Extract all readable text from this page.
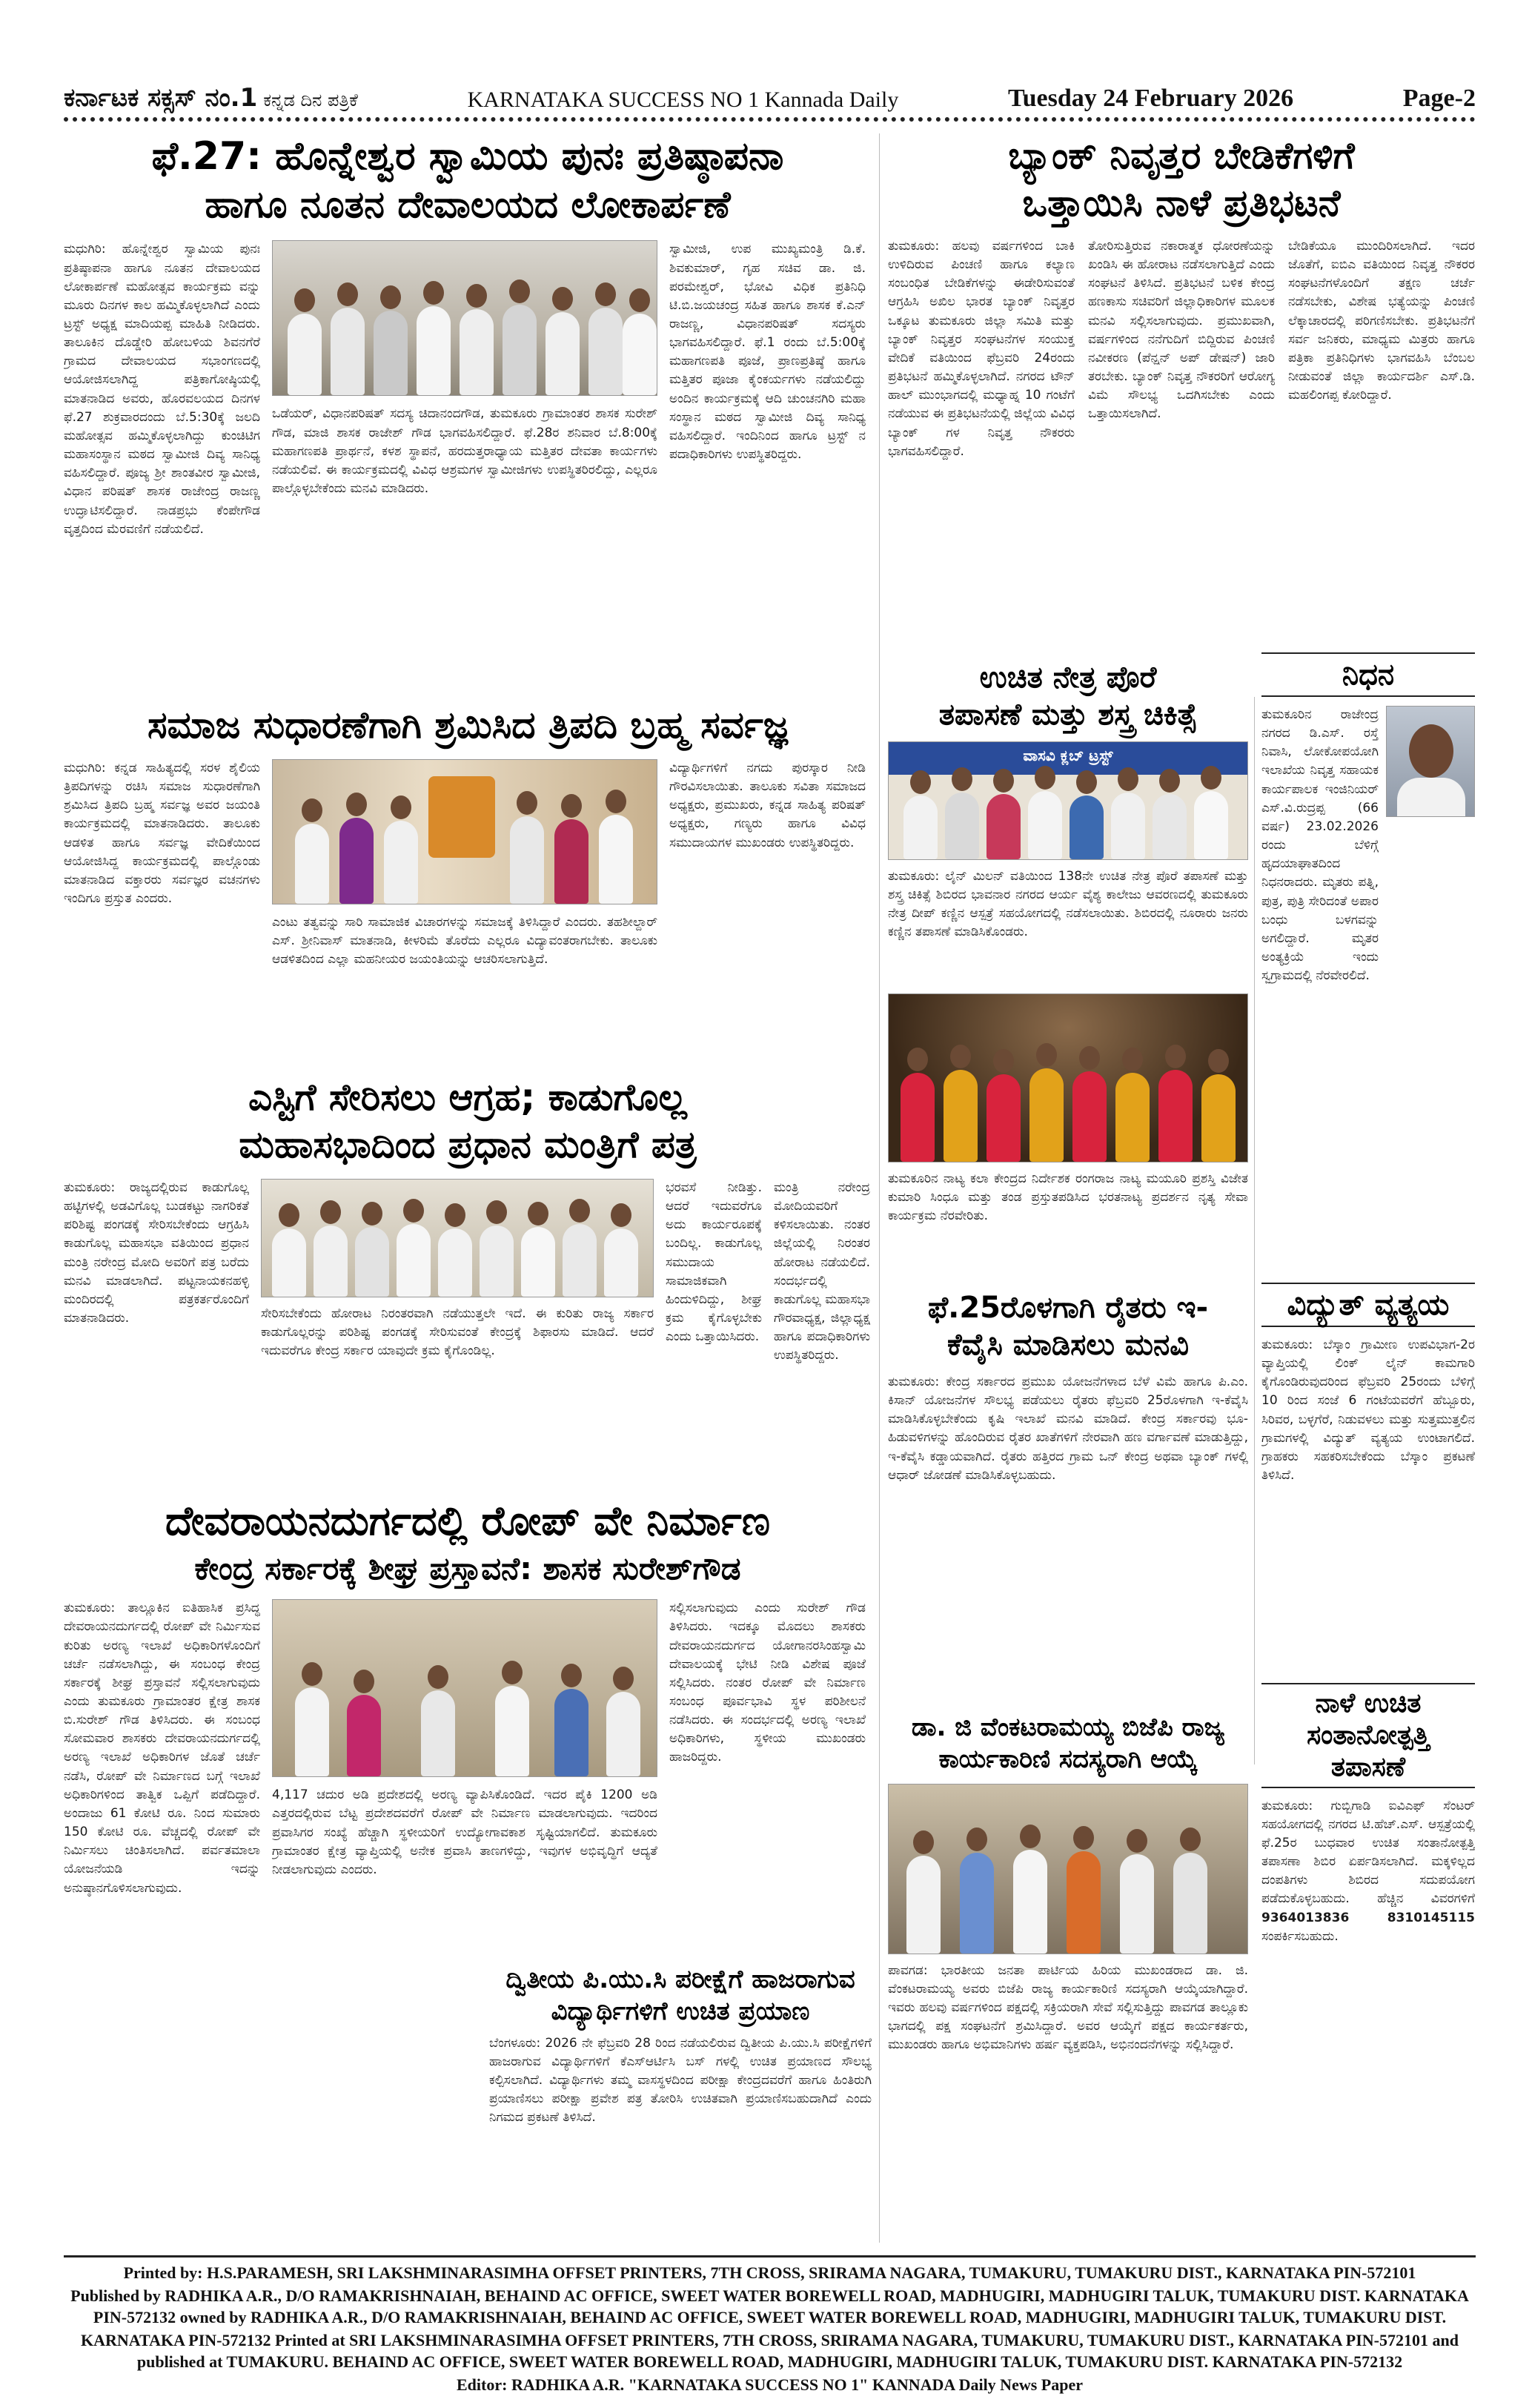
ಕರ್ನಾಟಕ ಸಕ್ಸಸ್ ನಂ.1 ಕನ್ನಡ ದಿನ ಪತ್ರಿಕೆ	KARNATAKA SUCCESS NO 1 Kannada Daily	Tuesday 24 February 2026	Page-2
ಫೆ.27: ಹೊನ್ನೇಶ್ವರ ಸ್ವಾಮಿಯ ಪುನಃ ಪ್ರತಿಷ್ಠಾಪನಾ
ಹಾಗೂ ನೂತನ ದೇವಾಲಯದ ಲೋಕಾರ್ಪಣೆ
ಮಧುಗಿರಿ: ಹೊನ್ನೇಶ್ವರ ಸ್ವಾಮಿಯ ಪುನಃ ಪ್ರತಿಷ್ಠಾಪನಾ ಹಾಗೂ ನೂತನ ದೇವಾಲಯದ ಲೋಕಾರ್ಪಣೆ ಮಹೋತ್ಸವ ಕಾರ್ಯಕ್ರಮ ವನ್ನು ಮೂರು ದಿನಗಳ ಕಾಲ ಹಮ್ಮಿಕೊಳ್ಳಲಾಗಿದೆ ಎಂದು ಟ್ರಸ್ಟ್ ಅಧ್ಯಕ್ಷ ಮಾದಿಯಪ್ಪ ಮಾಹಿತಿ ನೀಡಿದರು. ತಾಲೂಕಿನ ದೊಡ್ಡೇರಿ ಹೋಬಳಿಯ ಶಿವನಗೆರೆ ಗ್ರಾಮದ ದೇವಾಲಯದ ಸಭಾಂಗಣದಲ್ಲಿ ಆಯೋಜಿಸಲಾಗಿದ್ದ ಪತ್ರಿಕಾಗೋಷ್ಠಿಯಲ್ಲಿ ಮಾತನಾಡಿದ ಅವರು, ಹೊರವಲಯದ ದಿನಗಳ ಫೆ.27 ಶುಕ್ರವಾರದಂದು ಬೆ.5:30ಕ್ಕೆ ಜಲದಿ ಮಹೋತ್ಸವ ಹಮ್ಮಿಕೊಳ್ಳಲಾಗಿದ್ದು ಕುಂಚಿಟಿಗ ಮಹಾಸಂಸ್ಥಾನ ಮಠದ ಸ್ವಾಮೀಜಿ ದಿವ್ಯ ಸಾನಿಧ್ಯ ವಹಿಸಲಿದ್ದಾರೆ. ಪೂಜ್ಯ ಶ್ರೀ ಶಾಂತವೀರ ಸ್ವಾಮೀಜಿ, ವಿಧಾನ ಪರಿಷತ್ ಶಾಸಕ ರಾಜೇಂದ್ರ ರಾಜಣ್ಣ ಉದ್ಘಾಟಿಸಲಿದ್ದಾರೆ. ನಾಡಪ್ರಭು ಕೆಂಪೇಗೌಡ ವೃತ್ತದಿಂದ ಮೆರವಣಿಗೆ ನಡೆಯಲಿದೆ.
ಒಡೆಯರ್, ವಿಧಾನಪರಿಷತ್ ಸದಸ್ಯ ಚಿದಾನಂದಗೌಡ, ತುಮಕೂರು ಗ್ರಾಮಾಂತರ ಶಾಸಕ ಸುರೇಶ್ ಗೌಡ, ಮಾಜಿ ಶಾಸಕ ರಾಜೇಶ್ ಗೌಡ ಭಾಗವಹಿಸಲಿದ್ದಾರೆ. ಫೆ.28ರ ಶನಿವಾರ ಬೆ.8:00ಕ್ಕೆ ಮಹಾಗಣಪತಿ ಪ್ರಾರ್ಥನೆ, ಕಳಶ ಸ್ಥಾಪನೆ, ಹರದುತ್ತರಾಧ್ಯಾಯ ಮತ್ತಿತರ ದೇವತಾ ಕಾರ್ಯಗಳು ನಡೆಯಲಿವೆ. ಈ ಕಾರ್ಯಕ್ರಮದಲ್ಲಿ ವಿವಿಧ ಆಶ್ರಮಗಳ ಸ್ವಾಮೀಜಿಗಳು ಉಪಸ್ಥಿತರಿರಲಿದ್ದು, ಎಲ್ಲರೂ ಪಾಲ್ಗೊಳ್ಳಬೇಕೆಂದು ಮನವಿ ಮಾಡಿದರು.
ಸ್ವಾಮೀಜಿ, ಉಪ ಮುಖ್ಯಮಂತ್ರಿ ಡಿ.ಕೆ. ಶಿವಕುಮಾರ್, ಗೃಹ ಸಚಿವ ಡಾ. ಜಿ. ಪರಮೇಶ್ವರ್, ಭೋವಿ ವಿಧಿಕ ಪ್ರತಿನಿಧಿ ಟಿ.ಬಿ.ಜಯಚಂದ್ರ ಸಹಿತ ಹಾಗೂ ಶಾಸಕ ಕೆ.ಎನ್ ರಾಜಣ್ಣ, ವಿಧಾನಪರಿಷತ್ ಸದಸ್ಯರು ಭಾಗವಹಿಸಲಿದ್ದಾರೆ. ಫೆ.1 ರಂದು ಬೆ.5:00ಕ್ಕೆ ಮಹಾಗಣಪತಿ ಪೂಜೆ, ಪ್ರಾಣಪ್ರತಿಷ್ಠೆ ಹಾಗೂ ಮತ್ತಿತರ ಪೂಜಾ ಕೈಂಕರ್ಯಗಳು ನಡೆಯಲಿದ್ದು ಅಂದಿನ ಕಾರ್ಯಕ್ರಮಕ್ಕೆ ಆದಿ ಚುಂಚನಗಿರಿ ಮಹಾ ಸಂಸ್ಥಾನ ಮಠದ ಸ್ವಾಮೀಜಿ ದಿವ್ಯ ಸಾನಿಧ್ಯ ವಹಿಸಲಿದ್ದಾರೆ. ಇಂದಿನಿಂದ ಹಾಗೂ ಟ್ರಸ್ಟ್ ನ ಪದಾಧಿಕಾರಿಗಳು ಉಪಸ್ಥಿತರಿದ್ದರು.
ಬ್ಯಾಂಕ್ ನಿವೃತ್ತರ ಬೇಡಿಕೆಗಳಿಗೆ
ಒತ್ತಾಯಿಸಿ ನಾಳೆ ಪ್ರತಿಭಟನೆ
ತುಮಕೂರು: ಹಲವು ವರ್ಷಗಳಿಂದ ಬಾಕಿ ಉಳಿದಿರುವ ಪಿಂಚಣಿ ಹಾಗೂ ಕಲ್ಯಾಣ ಸಂಬಂಧಿತ ಬೇಡಿಕೆಗಳನ್ನು ಈಡೇರಿಸುವಂತೆ ಆಗ್ರಹಿಸಿ ಅಖಿಲ ಭಾರತ ಬ್ಯಾಂಕ್ ನಿವೃತ್ತರ ಒಕ್ಕೂಟ ತುಮಕೂರು ಜಿಲ್ಲಾ ಸಮಿತಿ ಮತ್ತು ಬ್ಯಾಂಕ್ ನಿವೃತ್ತರ ಸಂಘಟನೆಗಳ ಸಂಯುಕ್ತ ವೇದಿಕೆ ವತಿಯಿಂದ ಫೆಬ್ರವರಿ 24ರಂದು ಪ್ರತಿಭಟನೆ ಹಮ್ಮಿಕೊಳ್ಳಲಾಗಿದೆ. ನಗರದ ಟೌನ್ ಹಾಲ್ ಮುಂಭಾಗದಲ್ಲಿ ಮಧ್ಯಾಹ್ನ 10 ಗಂಟೆಗೆ ನಡೆಯುವ ಈ ಪ್ರತಿಭಟನೆಯಲ್ಲಿ ಜಿಲ್ಲೆಯ ವಿವಿಧ ಬ್ಯಾಂಕ್ ಗಳ ನಿವೃತ್ತ ನೌಕರರು ಭಾಗವಹಿಸಲಿದ್ದಾರೆ.
ತೋರಿಸುತ್ತಿರುವ ನಕಾರಾತ್ಮಕ ಧೋರಣೆಯನ್ನು ಖಂಡಿಸಿ ಈ ಹೋರಾಟ ನಡೆಸಲಾಗುತ್ತಿದೆ ಎಂದು ಸಂಘಟನೆ ತಿಳಿಸಿದೆ. ಪ್ರತಿಭಟನೆ ಬಳಿಕ ಕೇಂದ್ರ ಹಣಕಾಸು ಸಚಿವರಿಗೆ ಜಿಲ್ಲಾಧಿಕಾರಿಗಳ ಮೂಲಕ ಮನವಿ ಸಲ್ಲಿಸಲಾಗುವುದು. ಪ್ರಮುಖವಾಗಿ, ವರ್ಷಗಳಿಂದ ನನೆಗುದಿಗೆ ಬಿದ್ದಿರುವ ಪಿಂಚಣಿ ನವೀಕರಣ (ಪೆನ್ಷನ್ ಅಪ್ ಡೇಷನ್) ಜಾರಿ ತರಬೇಕು. ಬ್ಯಾಂಕ್ ನಿವೃತ್ತ ನೌಕರರಿಗೆ ಆರೋಗ್ಯ ವಿಮೆ ಸೌಲಭ್ಯ ಒದಗಿಸಬೇಕು ಎಂದು ಒತ್ತಾಯಿಸಲಾಗಿದೆ.
ಬೇಡಿಕೆಯೂ ಮುಂದಿರಿಸಲಾಗಿದೆ. ಇದರ ಜೊತೆಗೆ, ಐಬಿಎ ವತಿಯಿಂದ ನಿವೃತ್ತ ನೌಕರರ ಸಂಘಟನೆಗಳೊಂದಿಗೆ ತಕ್ಷಣ ಚರ್ಚೆ ನಡೆಸಬೇಕು, ವಿಶೇಷ ಭತ್ಯೆಯನ್ನು ಪಿಂಚಣಿ ಲೆಕ್ಕಾಚಾರದಲ್ಲಿ ಪರಿಗಣಿಸಬೇಕು. ಪ್ರತಿಭಟನೆಗೆ ಸರ್ವ ಜನಿಕರು, ಮಾಧ್ಯಮ ಮಿತ್ರರು ಹಾಗೂ ಪತ್ರಿಕಾ ಪ್ರತಿನಿಧಿಗಳು ಭಾಗವಹಿಸಿ ಬೆಂಬಲ ನೀಡುವಂತೆ ಜಿಲ್ಲಾ ಕಾರ್ಯದರ್ಶಿ ಎಸ್.ಡಿ. ಮಹಲಿಂಗಪ್ಪ ಕೋರಿದ್ದಾರೆ.
ಸಮಾಜ ಸುಧಾರಣೆಗಾಗಿ ಶ್ರಮಿಸಿದ ತ್ರಿಪದಿ ಬ್ರಹ್ಮ ಸರ್ವಜ್ಞ
ಮಧುಗಿರಿ: ಕನ್ನಡ ಸಾಹಿತ್ಯದಲ್ಲಿ ಸರಳ ಶೈಲಿಯ ತ್ರಿಪದಿಗಳನ್ನು ರಚಿಸಿ ಸಮಾಜ ಸುಧಾರಣೆಗಾಗಿ ಶ್ರಮಿಸಿದ ತ್ರಿಪದಿ ಬ್ರಹ್ಮ ಸರ್ವಜ್ಞ ಅವರ ಜಯಂತಿ ಕಾರ್ಯಕ್ರಮದಲ್ಲಿ ಮಾತನಾಡಿದರು. ತಾಲೂಕು ಆಡಳಿತ ಹಾಗೂ ಸರ್ವಜ್ಞ ವೇದಿಕೆಯಿಂದ ಆಯೋಜಿಸಿದ್ದ ಕಾರ್ಯಕ್ರಮದಲ್ಲಿ ಪಾಲ್ಗೊಂಡು ಮಾತನಾಡಿದ ವಕ್ತಾರರು ಸರ್ವಜ್ಞರ ವಚನಗಳು ಇಂದಿಗೂ ಪ್ರಸ್ತುತ ಎಂದರು.
ಎಂಟು ತತ್ವವನ್ನು ಸಾರಿ ಸಾಮಾಜಿಕ ವಿಚಾರಗಳನ್ನು ಸಮಾಜಕ್ಕೆ ತಿಳಿಸಿದ್ದಾರೆ ಎಂದರು. ತಹಶೀಲ್ದಾರ್ ಎಸ್. ಶ್ರೀನಿವಾಸ್ ಮಾತನಾಡಿ, ಕೀಳರಿಮೆ ತೊರೆದು ಎಲ್ಲರೂ ವಿದ್ಯಾವಂತರಾಗಬೇಕು. ತಾಲೂಕು ಆಡಳಿತದಿಂದ ಎಲ್ಲಾ ಮಹನೀಯರ ಜಯಂತಿಯನ್ನು ಆಚರಿಸಲಾಗುತ್ತಿದೆ.
ವಿದ್ಯಾರ್ಥಿಗಳಿಗೆ ನಗದು ಪುರಸ್ಕಾರ ನೀಡಿ ಗೌರವಿಸಲಾಯಿತು. ತಾಲೂಕು ಸವಿತಾ ಸಮಾಜದ ಅಧ್ಯಕ್ಷರು, ಪ್ರಮುಖರು, ಕನ್ನಡ ಸಾಹಿತ್ಯ ಪರಿಷತ್ ಅಧ್ಯಕ್ಷರು, ಗಣ್ಯರು ಹಾಗೂ ವಿವಿಧ ಸಮುದಾಯಗಳ ಮುಖಂಡರು ಉಪಸ್ಥಿತರಿದ್ದರು.
ಉಚಿತ ನೇತ್ರ ಪೊರೆ
ತಪಾಸಣೆ ಮತ್ತು ಶಸ್ತ್ರ ಚಿಕಿತ್ಸೆ
ವಾಸವಿ ಕ್ಲಬ್ ಟ್ರಸ್ಟ್
ತುಮಕೂರು: ಲೈನ್ ಮಿಲನ್ ವತಿಯಿಂದ 138ನೇ ಉಚಿತ ನೇತ್ರ ಪೊರೆ ತಪಾಸಣೆ ಮತ್ತು ಶಸ್ತ್ರ ಚಿಕಿತ್ಸೆ ಶಿಬಿರದ ಭಾವನಾರ ನಗರದ ಆರ್ಯ ವೈಶ್ಯ ಕಾಲೇಜು ಆವರಣದಲ್ಲಿ ತುಮಕೂರು ನೇತ್ರ ದೀಪ್ ಕಣ್ಣಿನ ಆಸ್ಪತ್ರೆ ಸಹಯೋಗದಲ್ಲಿ ನಡೆಸಲಾಯಿತು. ಶಿಬಿರದಲ್ಲಿ ನೂರಾರು ಜನರು ಕಣ್ಣಿನ ತಪಾಸಣೆ ಮಾಡಿಸಿಕೊಂಡರು.
ತುಮಕೂರಿನ ನಾಟ್ಯ ಕಲಾ ಕೇಂದ್ರದ ನಿರ್ದೇಶಕ ರಂಗರಾಜ ನಾಟ್ಯ ಮಯೂರಿ ಪ್ರಶಸ್ತಿ ವಿಜೇತ ಕುಮಾರಿ ಸಿಂಧೂ ಮತ್ತು ತಂಡ ಪ್ರಸ್ತುತಪಡಿಸಿದ ಭರತನಾಟ್ಯ ಪ್ರದರ್ಶನ ನೃತ್ಯ ಸೇವಾ ಕಾರ್ಯಕ್ರಮ ನೆರವೇರಿತು.
ನಿಧನ
ತುಮಕೂರಿನ ರಾಜೇಂದ್ರ ನಗರದ ಡಿ.ಎಸ್. ರಸ್ತೆ ನಿವಾಸಿ, ಲೋಕೋಪಯೋಗಿ ಇಲಾಖೆಯ ನಿವೃತ್ತ ಸಹಾಯಕ ಕಾರ್ಯಪಾಲಕ ಇಂಜಿನಿಯರ್ ಎಸ್.ವಿ.ರುದ್ರಪ್ಪ (66 ವರ್ಷ) 23.02.2026 ರಂದು ಬೆಳಿಗ್ಗೆ ಹೃದಯಾಘಾತದಿಂದ ನಿಧನರಾದರು. ಮೃತರು ಪತ್ನಿ, ಪುತ್ರ, ಪುತ್ರಿ ಸೇರಿದಂತೆ ಅಪಾರ ಬಂಧು ಬಳಗವನ್ನು ಅಗಲಿದ್ದಾರೆ. ಮೃತರ ಅಂತ್ಯಕ್ರಿಯೆ ಇಂದು ಸ್ವಗ್ರಾಮದಲ್ಲಿ ನೆರವೇರಲಿದೆ.
ಎಸ್ಟಿಗೆ ಸೇರಿಸಲು ಆಗ್ರಹ; ಕಾಡುಗೊಲ್ಲ
ಮಹಾಸಭಾದಿಂದ ಪ್ರಧಾನ ಮಂತ್ರಿಗೆ ಪತ್ರ
ತುಮಕೂರು: ರಾಜ್ಯದಲ್ಲಿರುವ ಕಾಡುಗೊಲ್ಲ ಹಟ್ಟಿಗಳಲ್ಲಿ ಅಡವಿಗೊಲ್ಲ ಬುಡಕಟ್ಟು ನಾಗರಿಕತೆ ಪರಿಶಿಷ್ಟ ಪಂಗಡಕ್ಕೆ ಸೇರಿಸಬೇಕೆಂದು ಆಗ್ರಹಿಸಿ ಕಾಡುಗೊಲ್ಲ ಮಹಾಸಭಾ ವತಿಯಿಂದ ಪ್ರಧಾನ ಮಂತ್ರಿ ನರೇಂದ್ರ ಮೋದಿ ಅವರಿಗೆ ಪತ್ರ ಬರೆದು ಮನವಿ ಮಾಡಲಾಗಿದೆ. ಪಟ್ಟನಾಯಕನಹಳ್ಳಿ ಮಂದಿರದಲ್ಲಿ ಪತ್ರಕರ್ತರೊಂದಿಗೆ ಮಾತನಾಡಿದರು.	ಸೇರಿಸಬೇಕೆಂದು ಹೋರಾಟ ನಿರಂತರವಾಗಿ ನಡೆಯುತ್ತಲೇ ಇದೆ. ಈ ಕುರಿತು ರಾಜ್ಯ ಸರ್ಕಾರ ಕಾಡುಗೊಲ್ಲರನ್ನು ಪರಿಶಿಷ್ಟ ಪಂಗಡಕ್ಕೆ ಸೇರಿಸುವಂತೆ ಕೇಂದ್ರಕ್ಕೆ ಶಿಫಾರಸು ಮಾಡಿದೆ. ಆದರೆ ಇದುವರೆಗೂ ಕೇಂದ್ರ ಸರ್ಕಾರ ಯಾವುದೇ ಕ್ರಮ ಕೈಗೊಂಡಿಲ್ಲ.
ಭರವಸೆ ನೀಡಿತ್ತು. ಆದರೆ ಇದುವರೆಗೂ ಅದು ಕಾರ್ಯರೂಪಕ್ಕೆ ಬಂದಿಲ್ಲ. ಕಾಡುಗೊಲ್ಲ ಸಮುದಾಯ ಸಾಮಾಜಿಕವಾಗಿ ಹಿಂದುಳಿದಿದ್ದು, ಶೀಘ್ರ ಕ್ರಮ ಕೈಗೊಳ್ಳಬೇಕು ಎಂದು ಒತ್ತಾಯಿಸಿದರು.
ಮಂತ್ರಿ ನರೇಂದ್ರ ಮೋದಿಯವರಿಗೆ ಕಳಿಸಲಾಯಿತು. ನಂತರ ಜಿಲ್ಲೆಯಲ್ಲಿ ನಿರಂತರ ಹೋರಾಟ ನಡೆಯಲಿದೆ. ಸಂದರ್ಭದಲ್ಲಿ ಕಾಡುಗೊಲ್ಲ ಮಹಾಸಭಾ ಗೌರವಾಧ್ಯಕ್ಷ, ಜಿಲ್ಲಾಧ್ಯಕ್ಷ ಹಾಗೂ ಪದಾಧಿಕಾರಿಗಳು ಉಪಸ್ಥಿತರಿದ್ದರು.
ವಿದ್ಯುತ್ ವ್ಯತ್ಯಯ
ತುಮಕೂರು: ಬೆಸ್ಕಾಂ ಗ್ರಾಮೀಣ ಉಪವಿಭಾಗ-2ರ ವ್ಯಾಪ್ತಿಯಲ್ಲಿ ಲಿಂಕ್ ಲೈನ್ ಕಾಮಗಾರಿ ಕೈಗೊಂಡಿರುವುದರಿಂದ ಫೆಬ್ರವರಿ 25ರಂದು ಬೆಳಿಗ್ಗೆ 10 ರಿಂದ ಸಂಜೆ 6 ಗಂಟೆಯವರೆಗೆ ಹೆಬ್ಬೂರು, ಸಿರಿವರ, ಬಳ್ಳಗೆರೆ, ನಿಡುವಳಲು ಮತ್ತು ಸುತ್ತಮುತ್ತಲಿನ ಗ್ರಾಮಗಳಲ್ಲಿ ವಿದ್ಯುತ್ ವ್ಯತ್ಯಯ ಉಂಟಾಗಲಿದೆ. ಗ್ರಾಹಕರು ಸಹಕರಿಸಬೇಕೆಂದು ಬೆಸ್ಕಾಂ ಪ್ರಕಟಣೆ ತಿಳಿಸಿದೆ.
ಫೆ.25ರೊಳಗಾಗಿ ರೈತರು ಇ-
ಕೆವೈಸಿ ಮಾಡಿಸಲು ಮನವಿ
ತುಮಕೂರು: ಕೇಂದ್ರ ಸರ್ಕಾರದ ಪ್ರಮುಖ ಯೋಜನೆಗಳಾದ ಬೆಳೆ ವಿಮೆ ಹಾಗೂ ಪಿ.ಎಂ. ಕಿಸಾನ್ ಯೋಜನೆಗಳ ಸೌಲಭ್ಯ ಪಡೆಯಲು ರೈತರು ಫೆಬ್ರವರಿ 25ರೊಳಗಾಗಿ ಇ-ಕೆವೈಸಿ ಮಾಡಿಸಿಕೊಳ್ಳಬೇಕೆಂದು ಕೃಷಿ ಇಲಾಖೆ ಮನವಿ ಮಾಡಿದೆ. ಕೇಂದ್ರ ಸರ್ಕಾರವು ಭೂ-ಹಿಡುವಳಿಗಳನ್ನು ಹೊಂದಿರುವ ರೈತರ ಖಾತೆಗಳಿಗೆ ನೇರವಾಗಿ ಹಣ ವರ್ಗಾವಣೆ ಮಾಡುತ್ತಿದ್ದು, ಇ-ಕೆವೈಸಿ ಕಡ್ಡಾಯವಾಗಿದೆ. ರೈತರು ಹತ್ತಿರದ ಗ್ರಾಮ ಒನ್ ಕೇಂದ್ರ ಅಥವಾ ಬ್ಯಾಂಕ್ ಗಳಲ್ಲಿ ಆಧಾರ್ ಜೋಡಣೆ ಮಾಡಿಸಿಕೊಳ್ಳಬಹುದು.
ನಾಳೆ ಉಚಿತ
ಸಂತಾನೋತ್ಪತ್ತಿ
ತಪಾಸಣೆ
ತುಮಕೂರು: ಗುಬ್ಬಿಗಾಡಿ ಐವಿಎಫ್ ಸೆಂಟರ್ ಸಹಯೋಗದಲ್ಲಿ ನಗರದ ಟಿ.ಹೆಚ್.ಎಸ್. ಆಸ್ಪತ್ರೆಯಲ್ಲಿ ಫೆ.25ರ ಬುಧವಾರ ಉಚಿತ ಸಂತಾನೋತ್ಪತ್ತಿ ತಪಾಸಣಾ ಶಿಬಿರ ಏರ್ಪಡಿಸಲಾಗಿದೆ. ಮಕ್ಕಳಿಲ್ಲದ ದಂಪತಿಗಳು ಶಿಬಿರದ ಸದುಪಯೋಗ ಪಡೆದುಕೊಳ್ಳಬಹುದು. ಹೆಚ್ಚಿನ ವಿವರಗಳಿಗೆ 9364013836	8310145115 ಸಂಪರ್ಕಿಸಬಹುದು.
ದೇವರಾಯನದುರ್ಗದಲ್ಲಿ ರೋಪ್ ವೇ ನಿರ್ಮಾಣ
ಕೇಂದ್ರ ಸರ್ಕಾರಕ್ಕೆ ಶೀಘ್ರ ಪ್ರಸ್ತಾವನೆ: ಶಾಸಕ ಸುರೇಶ್‌ಗೌಡ
ತುಮಕೂರು: ತಾಲ್ಲೂಕಿನ ಐತಿಹಾಸಿಕ ಪ್ರಸಿದ್ಧ ದೇವರಾಯನದುರ್ಗದಲ್ಲಿ ರೋಪ್ ವೇ ನಿರ್ಮಿಸುವ ಕುರಿತು ಅರಣ್ಯ ಇಲಾಖೆ ಅಧಿಕಾರಿಗಳೊಂದಿಗೆ ಚರ್ಚೆ ನಡೆಸಲಾಗಿದ್ದು, ಈ ಸಂಬಂಧ ಕೇಂದ್ರ ಸರ್ಕಾರಕ್ಕೆ ಶೀಘ್ರ ಪ್ರಸ್ತಾವನೆ ಸಲ್ಲಿಸಲಾಗುವುದು ಎಂದು ತುಮಕೂರು ಗ್ರಾಮಾಂತರ ಕ್ಷೇತ್ರ ಶಾಸಕ ಬಿ.ಸುರೇಶ್ ಗೌಡ ತಿಳಿಸಿದರು. ಈ ಸಂಬಂಧ ಸೋಮವಾರ ಶಾಸಕರು ದೇವರಾಯನದುರ್ಗದಲ್ಲಿ ಅರಣ್ಯ ಇಲಾಖೆ ಅಧಿಕಾರಿಗಳ ಜೊತೆ ಚರ್ಚೆ ನಡೆಸಿ, ರೋಪ್ ವೇ ನಿರ್ಮಾಣದ ಬಗ್ಗೆ ಇಲಾಖೆ ಅಧಿಕಾರಿಗಳಿಂದ ತಾತ್ವಿಕ ಒಪ್ಪಿಗೆ ಪಡೆದಿದ್ದಾರೆ. ಅಂದಾಜು 61 ಕೋಟಿ ರೂ. ನಿಂದ ಸುಮಾರು 150 ಕೋಟಿ ರೂ. ವೆಚ್ಚದಲ್ಲಿ ರೋಪ್ ವೇ ನಿರ್ಮಿಸಲು ಚಿಂತಿಸಲಾಗಿದೆ. ಪರ್ವತಮಾಲಾ ಯೋಜನೆಯಡಿ ಇದನ್ನು ಅನುಷ್ಠಾನಗೊಳಿಸಲಾಗುವುದು.
4,117 ಚದುರ ಅಡಿ ಪ್ರದೇಶದಲ್ಲಿ ಅರಣ್ಯ ವ್ಯಾಪಿಸಿಕೊಂಡಿದೆ. ಇದರ ಪೈಕಿ 1200 ಅಡಿ ಎತ್ತರದಲ್ಲಿರುವ ಬೆಟ್ಟ ಪ್ರದೇಶದವರೆಗೆ ರೋಪ್ ವೇ ನಿರ್ಮಾಣ ಮಾಡಲಾಗುವುದು. ಇದರಿಂದ ಪ್ರವಾಸಿಗರ ಸಂಖ್ಯೆ ಹೆಚ್ಚಾಗಿ ಸ್ಥಳೀಯರಿಗೆ ಉದ್ಯೋಗಾವಕಾಶ ಸೃಷ್ಟಿಯಾಗಲಿದೆ. ತುಮಕೂರು ಗ್ರಾಮಾಂತರ ಕ್ಷೇತ್ರ ವ್ಯಾಪ್ತಿಯಲ್ಲಿ ಅನೇಕ ಪ್ರವಾಸಿ ತಾಣಗಳಿದ್ದು, ಇವುಗಳ ಅಭಿವೃದ್ಧಿಗೆ ಆದ್ಯತೆ ನೀಡಲಾಗುವುದು ಎಂದರು.
ಸಲ್ಲಿಸಲಾಗುವುದು ಎಂದು ಸುರೇಶ್ ಗೌಡ ತಿಳಿಸಿದರು. ಇದಕ್ಕೂ ಮೊದಲು ಶಾಸಕರು ದೇವರಾಯನದುರ್ಗದ ಯೋಗಾನರಸಿಂಹಸ್ವಾಮಿ ದೇವಾಲಯಕ್ಕೆ ಭೇಟಿ ನೀಡಿ ವಿಶೇಷ ಪೂಜೆ ಸಲ್ಲಿಸಿದರು. ನಂತರ ರೋಪ್ ವೇ ನಿರ್ಮಾಣ ಸಂಬಂಧ ಪೂರ್ವಭಾವಿ ಸ್ಥಳ ಪರಿಶೀಲನೆ ನಡೆಸಿದರು. ಈ ಸಂದರ್ಭದಲ್ಲಿ ಅರಣ್ಯ ಇಲಾಖೆ ಅಧಿಕಾರಿಗಳು, ಸ್ಥಳೀಯ ಮುಖಂಡರು ಹಾಜರಿದ್ದರು.
ದ್ವಿತೀಯ ಪಿ.ಯು.ಸಿ ಪರೀಕ್ಷೆಗೆ ಹಾಜರಾಗುವ
ವಿದ್ಯಾರ್ಥಿಗಳಿಗೆ ಉಚಿತ ಪ್ರಯಾಣ
ಬೆಂಗಳೂರು: 2026 ನೇ ಫೆಬ್ರವರಿ 28 ರಿಂದ ನಡೆಯಲಿರುವ ದ್ವಿತೀಯ ಪಿ.ಯು.ಸಿ ಪರೀಕ್ಷೆಗಳಿಗೆ ಹಾಜರಾಗುವ ವಿದ್ಯಾರ್ಥಿಗಳಿಗೆ ಕೆಎಸ್ಆರ್ಟಿಸಿ ಬಸ್ ಗಳಲ್ಲಿ ಉಚಿತ ಪ್ರಯಾಣದ ಸೌಲಭ್ಯ ಕಲ್ಪಿಸಲಾಗಿದೆ. ವಿದ್ಯಾರ್ಥಿಗಳು ತಮ್ಮ ವಾಸಸ್ಥಳದಿಂದ ಪರೀಕ್ಷಾ ಕೇಂದ್ರದವರೆಗೆ ಹಾಗೂ ಹಿಂತಿರುಗಿ ಪ್ರಯಾಣಿಸಲು ಪರೀಕ್ಷಾ ಪ್ರವೇಶ ಪತ್ರ ತೋರಿಸಿ ಉಚಿತವಾಗಿ ಪ್ರಯಾಣಿಸಬಹುದಾಗಿದೆ ಎಂದು ನಿಗಮದ ಪ್ರಕಟಣೆ ತಿಳಿಸಿದೆ.
ಡಾ. ಜಿ ವೆಂಕಟರಾಮಯ್ಯ ಬಿಜೆಪಿ ರಾಜ್ಯ
ಕಾರ್ಯಕಾರಿಣಿ ಸದಸ್ಯರಾಗಿ ಆಯ್ಕೆ
ಪಾವಗಡ: ಭಾರತೀಯ ಜನತಾ ಪಾರ್ಟಿಯ ಹಿರಿಯ ಮುಖಂಡರಾದ ಡಾ. ಜಿ. ವೆಂಕಟರಾಮಯ್ಯ ಅವರು ಬಿಜೆಪಿ ರಾಜ್ಯ ಕಾರ್ಯಕಾರಿಣಿ ಸದಸ್ಯರಾಗಿ ಆಯ್ಕೆಯಾಗಿದ್ದಾರೆ. ಇವರು ಹಲವು ವರ್ಷಗಳಿಂದ ಪಕ್ಷದಲ್ಲಿ ಸಕ್ರಿಯರಾಗಿ ಸೇವೆ ಸಲ್ಲಿಸುತ್ತಿದ್ದು ಪಾವಗಡ ತಾಲ್ಲೂಕು ಭಾಗದಲ್ಲಿ ಪಕ್ಷ ಸಂಘಟನೆಗೆ ಶ್ರಮಿಸಿದ್ದಾರೆ. ಅವರ ಆಯ್ಕೆಗೆ ಪಕ್ಷದ ಕಾರ್ಯಕರ್ತರು, ಮುಖಂಡರು ಹಾಗೂ ಅಭಿಮಾನಿಗಳು ಹರ್ಷ ವ್ಯಕ್ತಪಡಿಸಿ, ಅಭಿನಂದನೆಗಳನ್ನು ಸಲ್ಲಿಸಿದ್ದಾರೆ.

Printed by: H.S.PARAMESH, SRI LAKSHMINARASIMHA OFFSET PRINTERS, 7TH CROSS, SRIRAMA NAGARA, TUMAKURU, TUMAKURU DIST., KARNATAKA PIN-572101

Published by RADHIKA A.R., D/O RAMAKRISHNAIAH, BEHAIND AC OFFICE, SWEET WATER BOREWELL ROAD, MADHUGIRI, MADHUGIRI TALUK, TUMAKURU DIST. KARNATAKA PIN-572132 owned by RADHIKA A.R., D/O RAMAKRISHNAIAH, BEHAIND AC OFFICE, SWEET WATER BOREWELL ROAD, MADHUGIRI, MADHUGIRI TALUK, TUMAKURU DIST.

KARNATAKA PIN-572132 Printed at SRI LAKSHMINARASIMHA OFFSET PRINTERS, 7TH CROSS, SRIRAMA NAGARA, TUMAKURU, TUMAKURU DIST., KARNATAKA PIN-572101 and published at TUMAKURU. BEHAIND AC OFFICE, SWEET WATER BOREWELL ROAD, MADHUGIRI, MADHUGIRI TALUK, TUMAKURU DIST. KARNATAKA PIN-572132

Editor: RADHIKA A.R. "KARNATAKA SUCCESS NO 1" KANNADA Daily News Paper
